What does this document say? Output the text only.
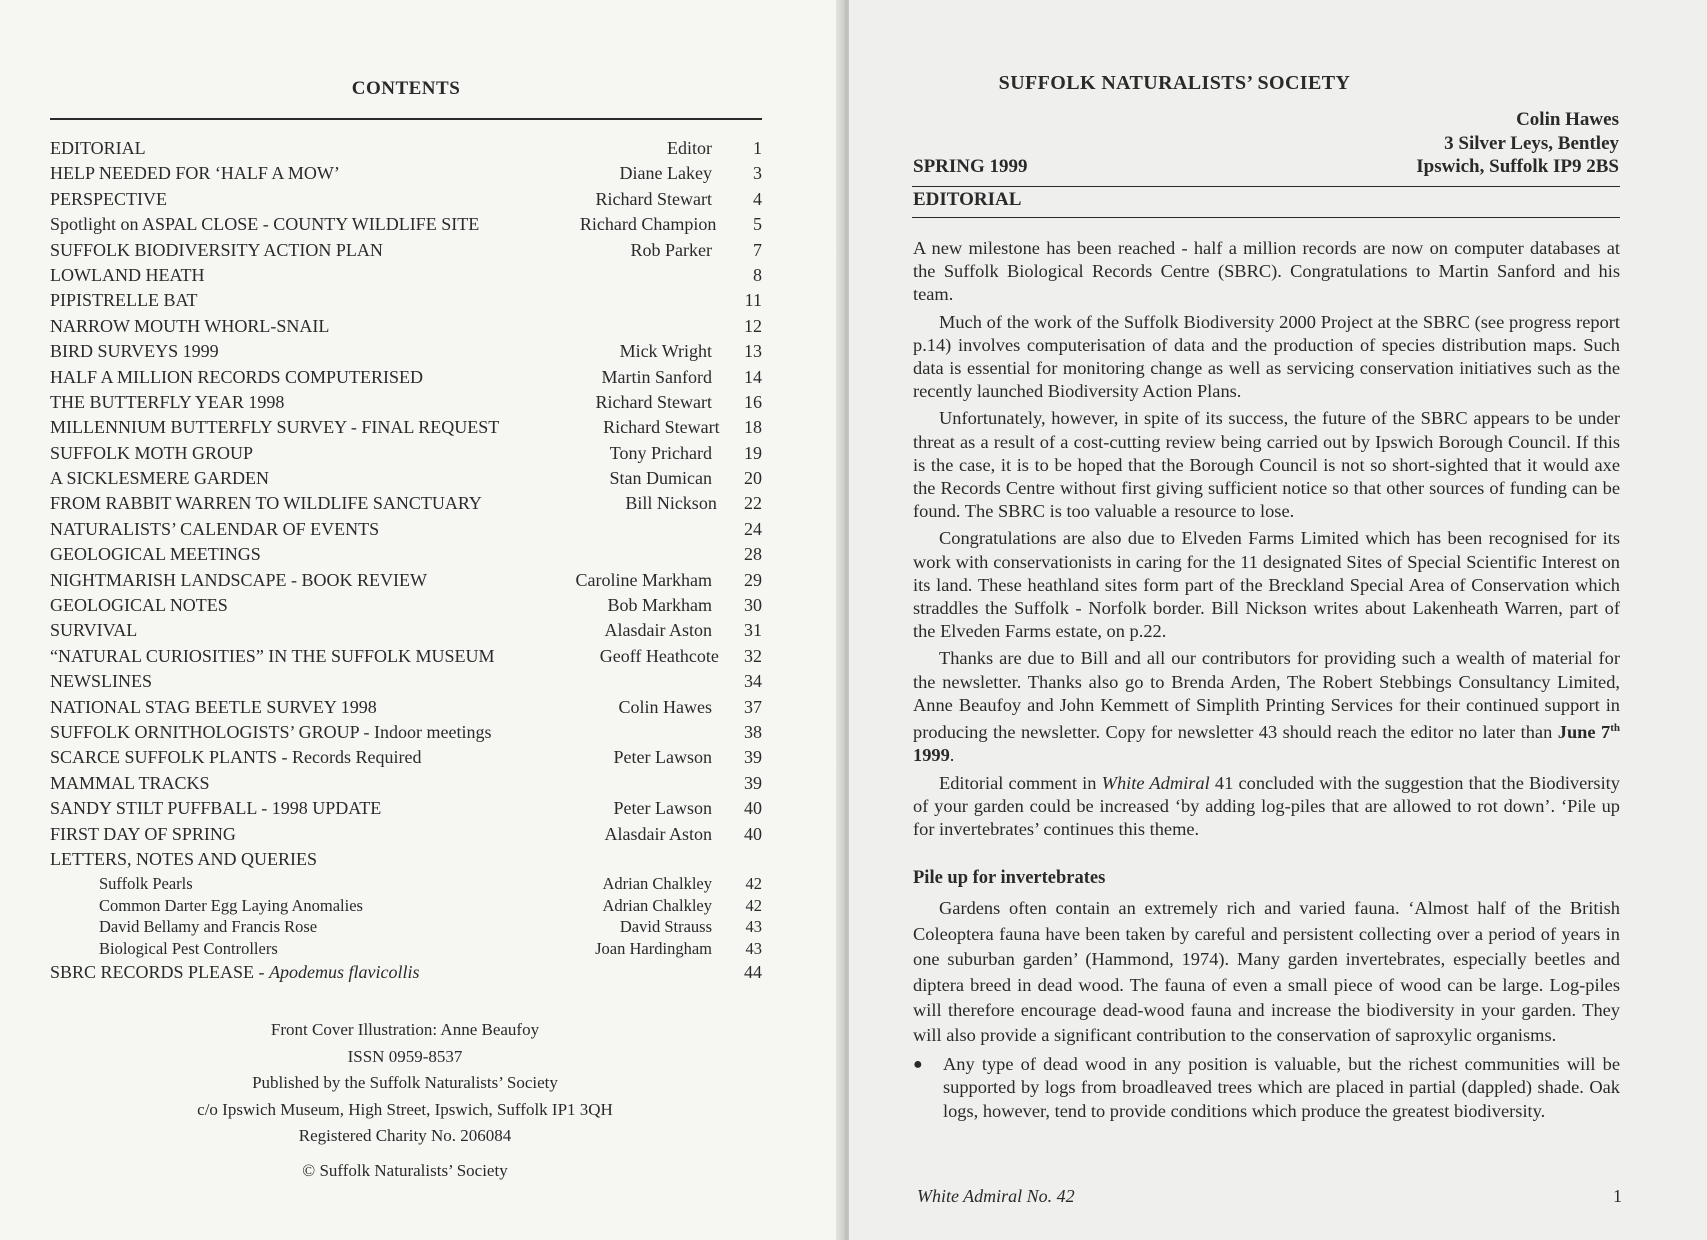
CONTENTS
EDITORIAL	Editor	1
HELP NEEDED FOR ‘HALF A MOW’	Diane Lakey	3
PERSPECTIVE	Richard Stewart	4
Spotlight on ASPAL CLOSE - COUNTY WILDLIFE SITE	Richard Champion	5
SUFFOLK BIODIVERSITY ACTION PLAN	Rob Parker	7
LOWLAND HEATH	8
PIPISTRELLE BAT	11
NARROW MOUTH WHORL-SNAIL	12
BIRD SURVEYS 1999	Mick Wright	13
HALF A MILLION RECORDS COMPUTERISED	Martin Sanford	14
THE BUTTERFLY YEAR 1998	Richard Stewart	16
MILLENNIUM BUTTERFLY SURVEY - FINAL REQUEST	Richard Stewart	18
SUFFOLK MOTH GROUP	Tony Prichard	19
A SICKLESMERE GARDEN	Stan Dumican	20
FROM RABBIT WARREN TO WILDLIFE SANCTUARY	Bill Nickson	22
NATURALISTS’ CALENDAR OF EVENTS	24
GEOLOGICAL MEETINGS	28
NIGHTMARISH LANDSCAPE - BOOK REVIEW	Caroline Markham	29
GEOLOGICAL NOTES	Bob Markham	30
SURVIVAL	Alasdair Aston	31
“NATURAL CURIOSITIES” IN THE SUFFOLK MUSEUM	Geoff Heathcote	32
NEWSLINES	34
NATIONAL STAG BEETLE SURVEY 1998	Colin Hawes	37
SUFFOLK ORNITHOLOGISTS’ GROUP - Indoor meetings	38
SCARCE SUFFOLK PLANTS - Records Required	Peter Lawson	39
MAMMAL TRACKS	39
SANDY STILT PUFFBALL - 1998 UPDATE	Peter Lawson	40
FIRST DAY OF SPRING	Alasdair Aston	40
LETTERS, NOTES AND QUERIES
Suffolk Pearls	Adrian Chalkley	42
Common Darter Egg Laying Anomalies	Adrian Chalkley	42
David Bellamy and Francis Rose	David Strauss	43
Biological Pest Controllers	Joan Hardingham	43
SBRC RECORDS PLEASE - Apodemus flavicollis	44
Front Cover Illustration: Anne Beaufoy
ISSN 0959-8537
Published by the Suffolk Naturalists’ Society
c/o Ipswich Museum, High Street, Ipswich, Suffolk IP1 3QH
Registered Charity No. 206084
© Suffolk Naturalists’ Society
SUFFOLK NATURALISTS’ SOCIETY
Colin Hawes
3 Silver Leys, Bentley
Ipswich, Suffolk IP9 2BS
SPRING 1999
EDITORIAL

A new milestone has been reached - half a million records are now on computer databases at the Suffolk Biological Records Centre (SBRC). Congratulations to Martin Sanford and his team.

Much of the work of the Suffolk Biodiversity 2000 Project at the SBRC (see progress report p.14) involves computerisation of data and the production of species distribution maps. Such data is essential for monitoring change as well as servicing conservation initiatives such as the recently launched Biodiversity Action Plans.

Unfortunately, however, in spite of its success, the future of the SBRC appears to be under threat as a result of a cost-cutting review being carried out by Ipswich Borough Council. If this is the case, it is to be hoped that the Borough Council is not so short-sighted that it would axe the Records Centre without first giving sufficient notice so that other sources of funding can be found. The SBRC is too valuable a resource to lose.

Congratulations are also due to Elveden Farms Limited which has been recognised for its work with conservationists in caring for the 11 designated Sites of Special Scientific Interest on its land. These heathland sites form part of the Breckland Special Area of Conservation which straddles the Suffolk - Norfolk border. Bill Nickson writes about Lakenheath Warren, part of the Elveden Farms estate, on p.22.

Thanks are due to Bill and all our contributors for providing such a wealth of material for the newsletter. Thanks also go to Brenda Arden, The Robert Stebbings Consultancy Limited, Anne Beaufoy and John Kemmett of Simplith Printing Services for their continued support in producing the newsletter. Copy for newsletter 43 should reach the editor no later than June 7th 1999.

Editorial comment in White Admiral 41 concluded with the suggestion that the Biodiversity of your garden could be increased ‘by adding log-piles that are allowed to rot down’. ‘Pile up for invertebrates’ continues this theme.

Pile up for invertebrates

Gardens often contain an extremely rich and varied fauna. ‘Almost half of the British Coleoptera fauna have been taken by careful and persistent collecting over a period of years in one suburban garden’ (Hammond, 1974). Many garden invertebrates, especially beetles and diptera breed in dead wood. The fauna of even a small piece of wood can be large. Log-piles will therefore encourage dead-wood fauna and increase the biodiversity in your garden. They will also provide a significant contribution to the conservation of saproxylic organisms.

●	Any type of dead wood in any position is valuable, but the richest communities will be supported by logs from broadleaved trees which are placed in partial (dappled) shade. Oak logs, however, tend to provide conditions which produce the greatest biodiversity.
White Admiral No. 42	1
